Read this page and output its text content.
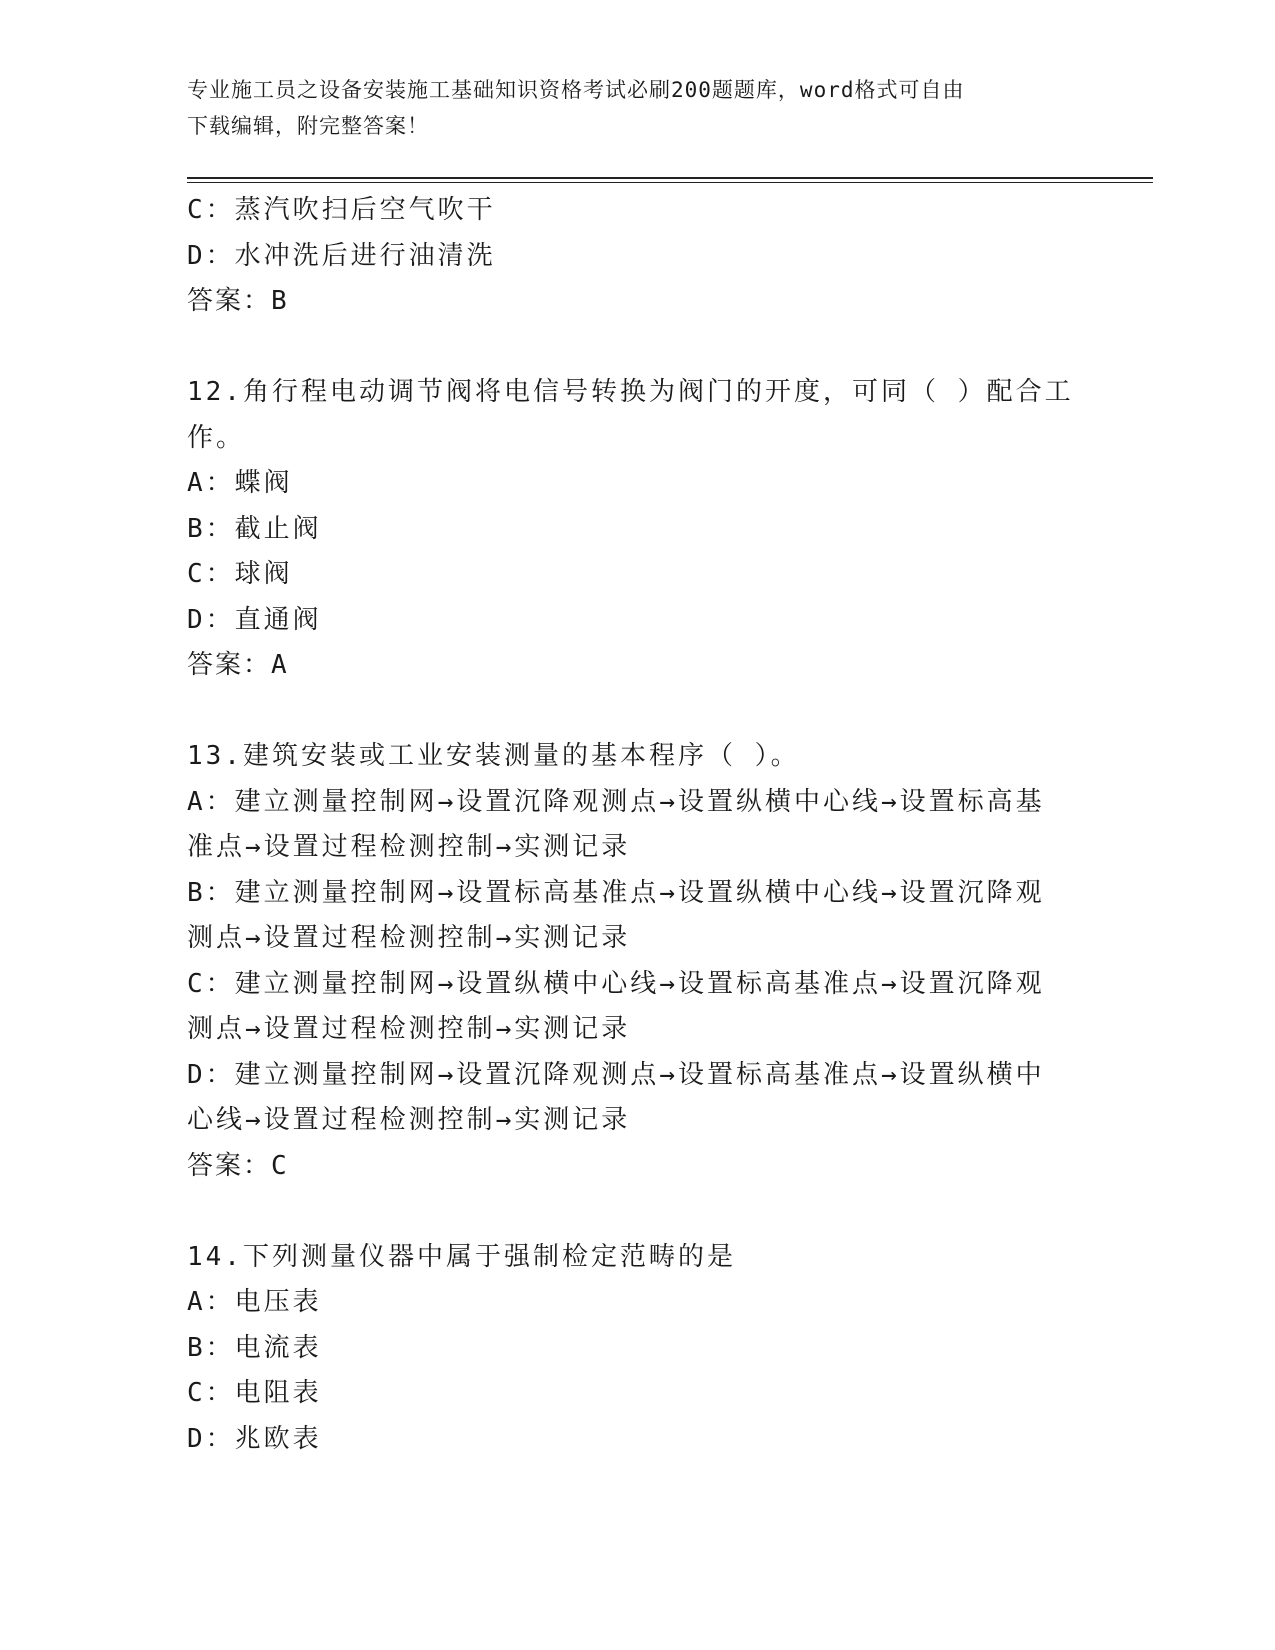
专业施工员之设备安装施工基础知识资格考试必刷200题题库，word格式可自由
下载编辑，附完整答案！
C：蒸汽吹扫后空气吹干
D：水冲洗后进行油清洗
答案：B
12.角行程电动调节阀将电信号转换为阀门的开度，可同（ ）配合工
作。
A：蝶阀
B：截止阀
C：球阀
D：直通阀
答案：A
13.建筑安装或工业安装测量的基本程序（ ）。
A：建立测量控制网→设置沉降观测点→设置纵横中心线→设置标高基
准点→设置过程检测控制→实测记录
B：建立测量控制网→设置标高基准点→设置纵横中心线→设置沉降观
测点→设置过程检测控制→实测记录
C：建立测量控制网→设置纵横中心线→设置标高基准点→设置沉降观
测点→设置过程检测控制→实测记录
D：建立测量控制网→设置沉降观测点→设置标高基准点→设置纵横中
心线→设置过程检测控制→实测记录
答案：C
14.下列测量仪器中属于强制检定范畴的是
A：电压表
B：电流表
C：电阻表
D：兆欧表
